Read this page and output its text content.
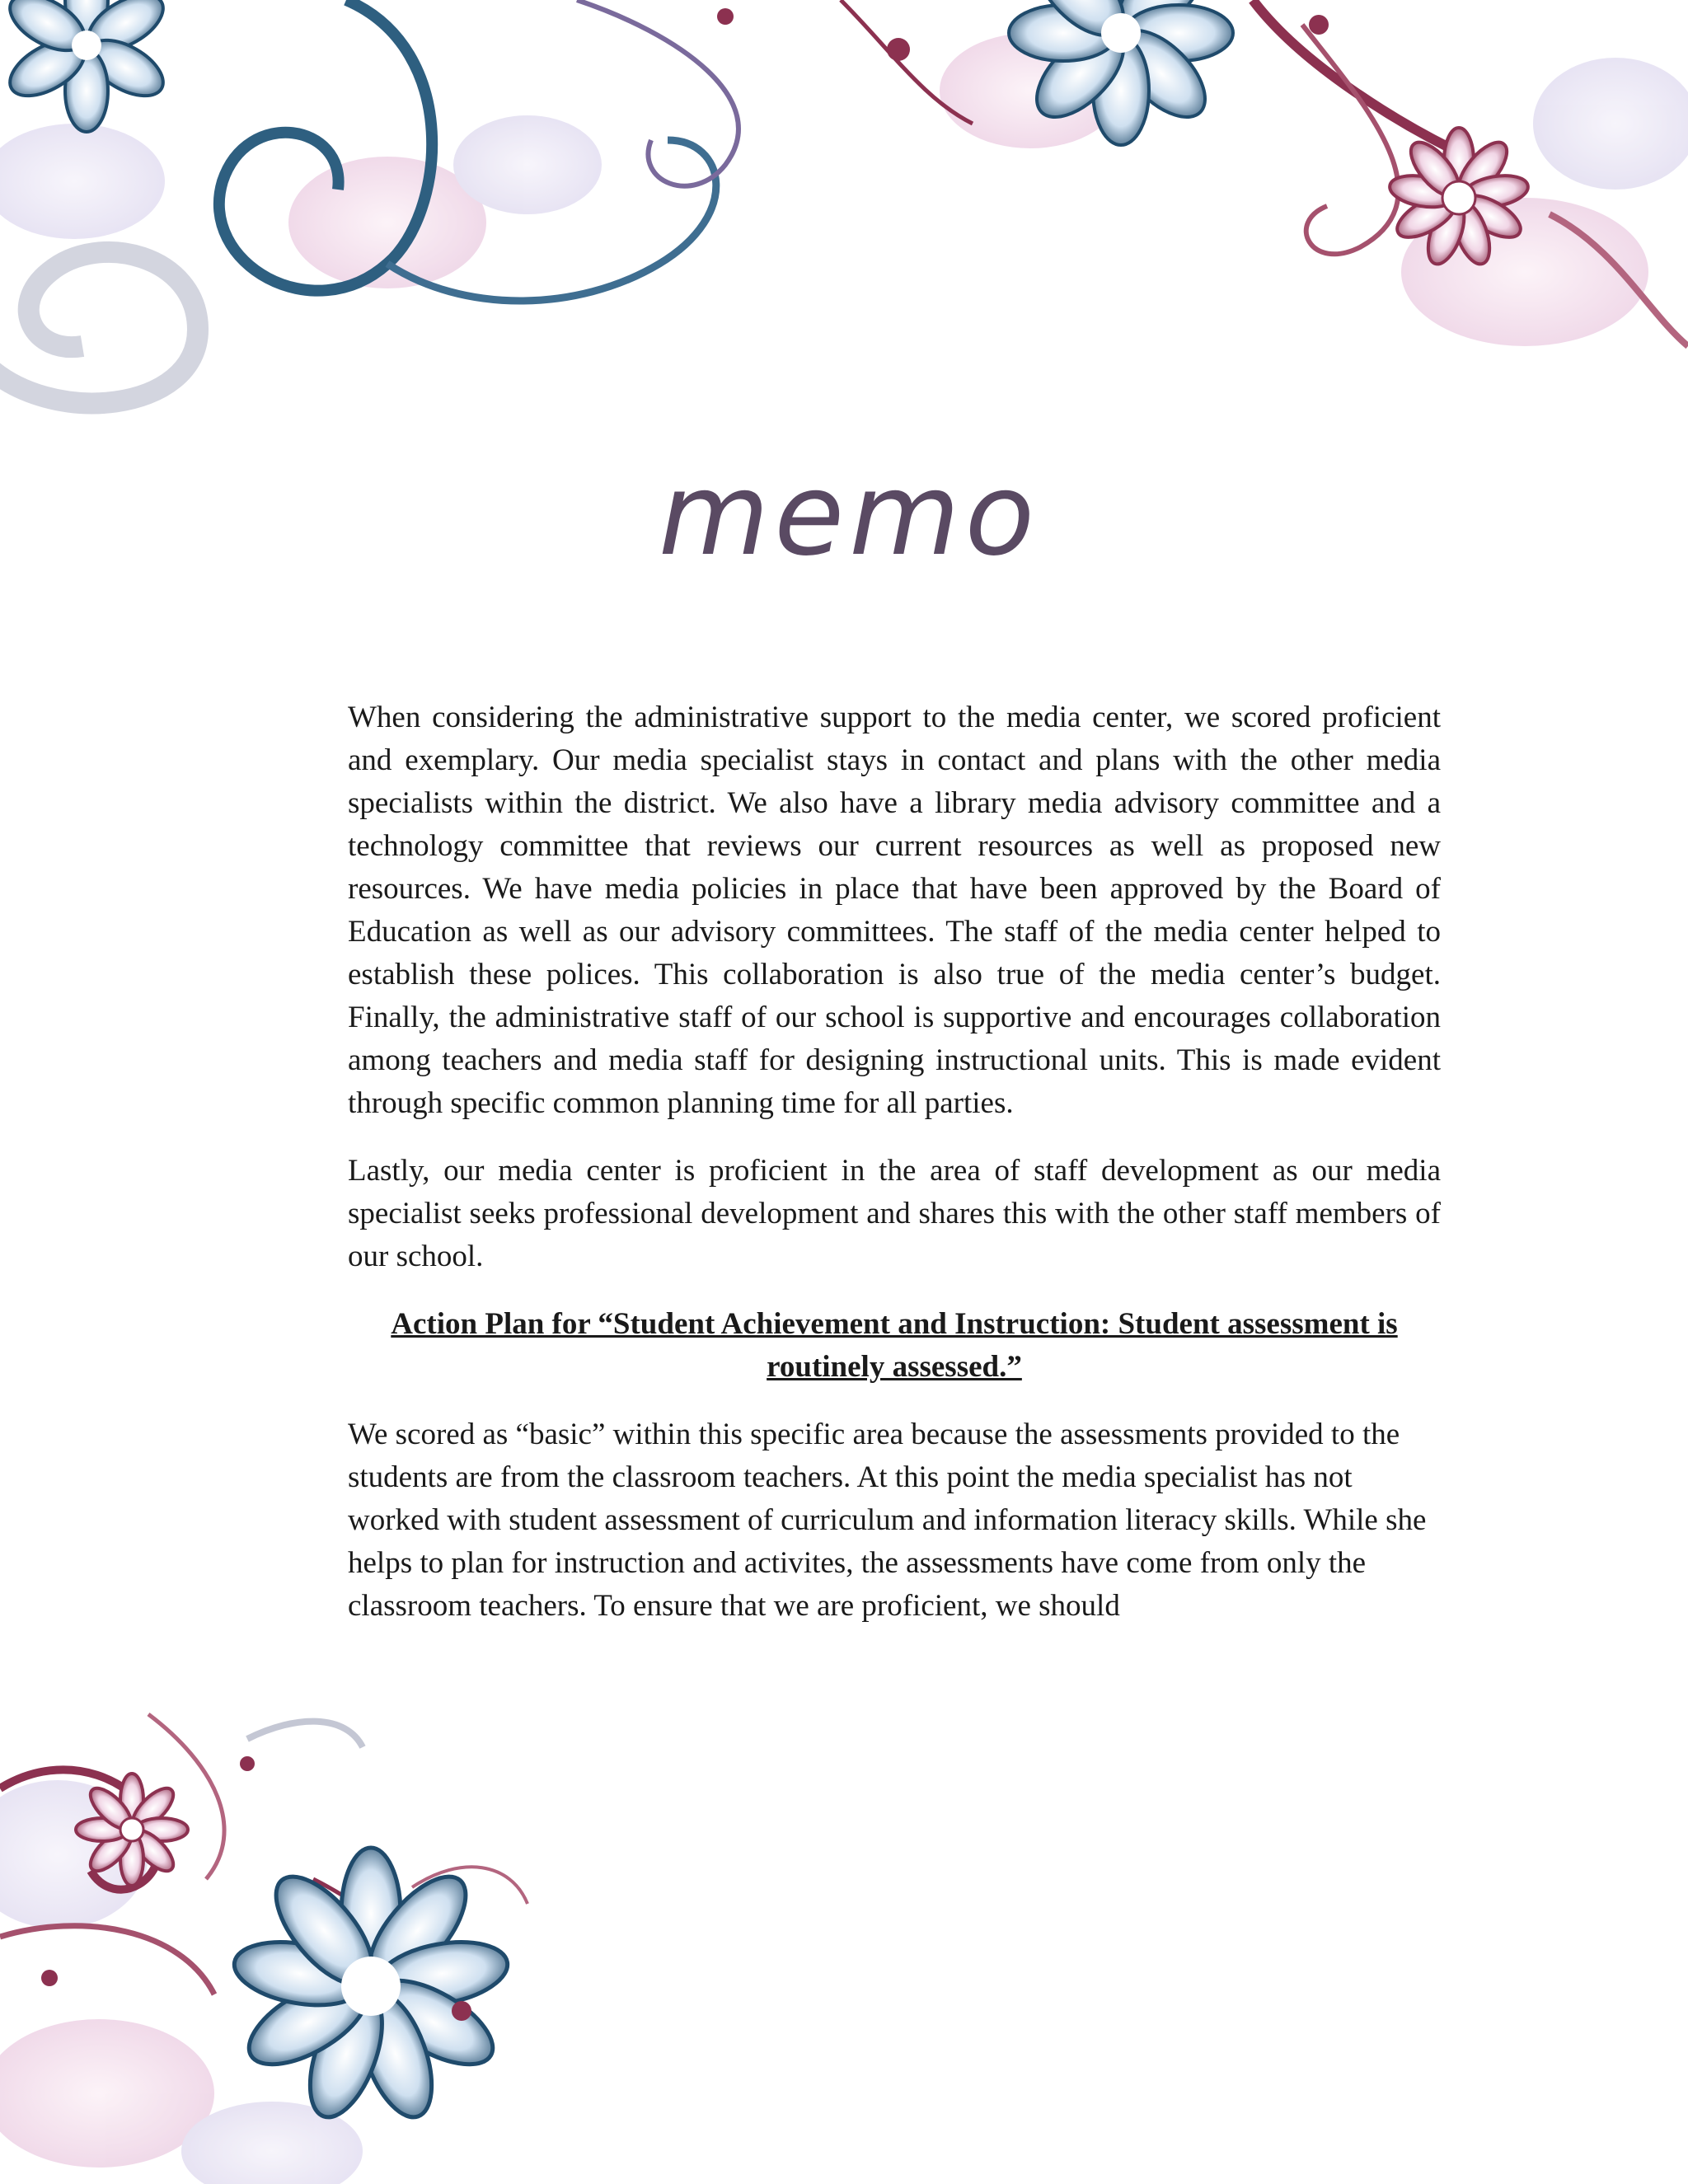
memo

When considering the administrative support to the media center, we scored proficient and exemplary. Our media specialist stays in contact and plans with the other media specialists within the district. We also have a library media advisory committee and a technology committee that reviews our current resources as well as proposed new resources. We have media policies in place that have been approved by the Board of Education as well as our advisory committees. The staff of the media center helped to establish these polices. This collaboration is also true of the media center’s budget. Finally, the administrative staff of our school is supportive and encourages collaboration among teachers and media staff for designing instructional units. This is made evident through specific common planning time for all parties.

Lastly, our media center is proficient in the area of staff development as our media specialist seeks professional development and shares this with the other staff members of our school.

Action Plan for “Student Achievement and Instruction: Student assessment is routinely assessed.”

We scored as “basic” within this specific area because the assessments provided to the students are from the classroom teachers. At this point the media specialist has not worked with student assessment of curriculum and information literacy skills. While she helps to plan for instruction and activites, the assessments have come from only the classroom teachers. To ensure that we are proficient, we should
